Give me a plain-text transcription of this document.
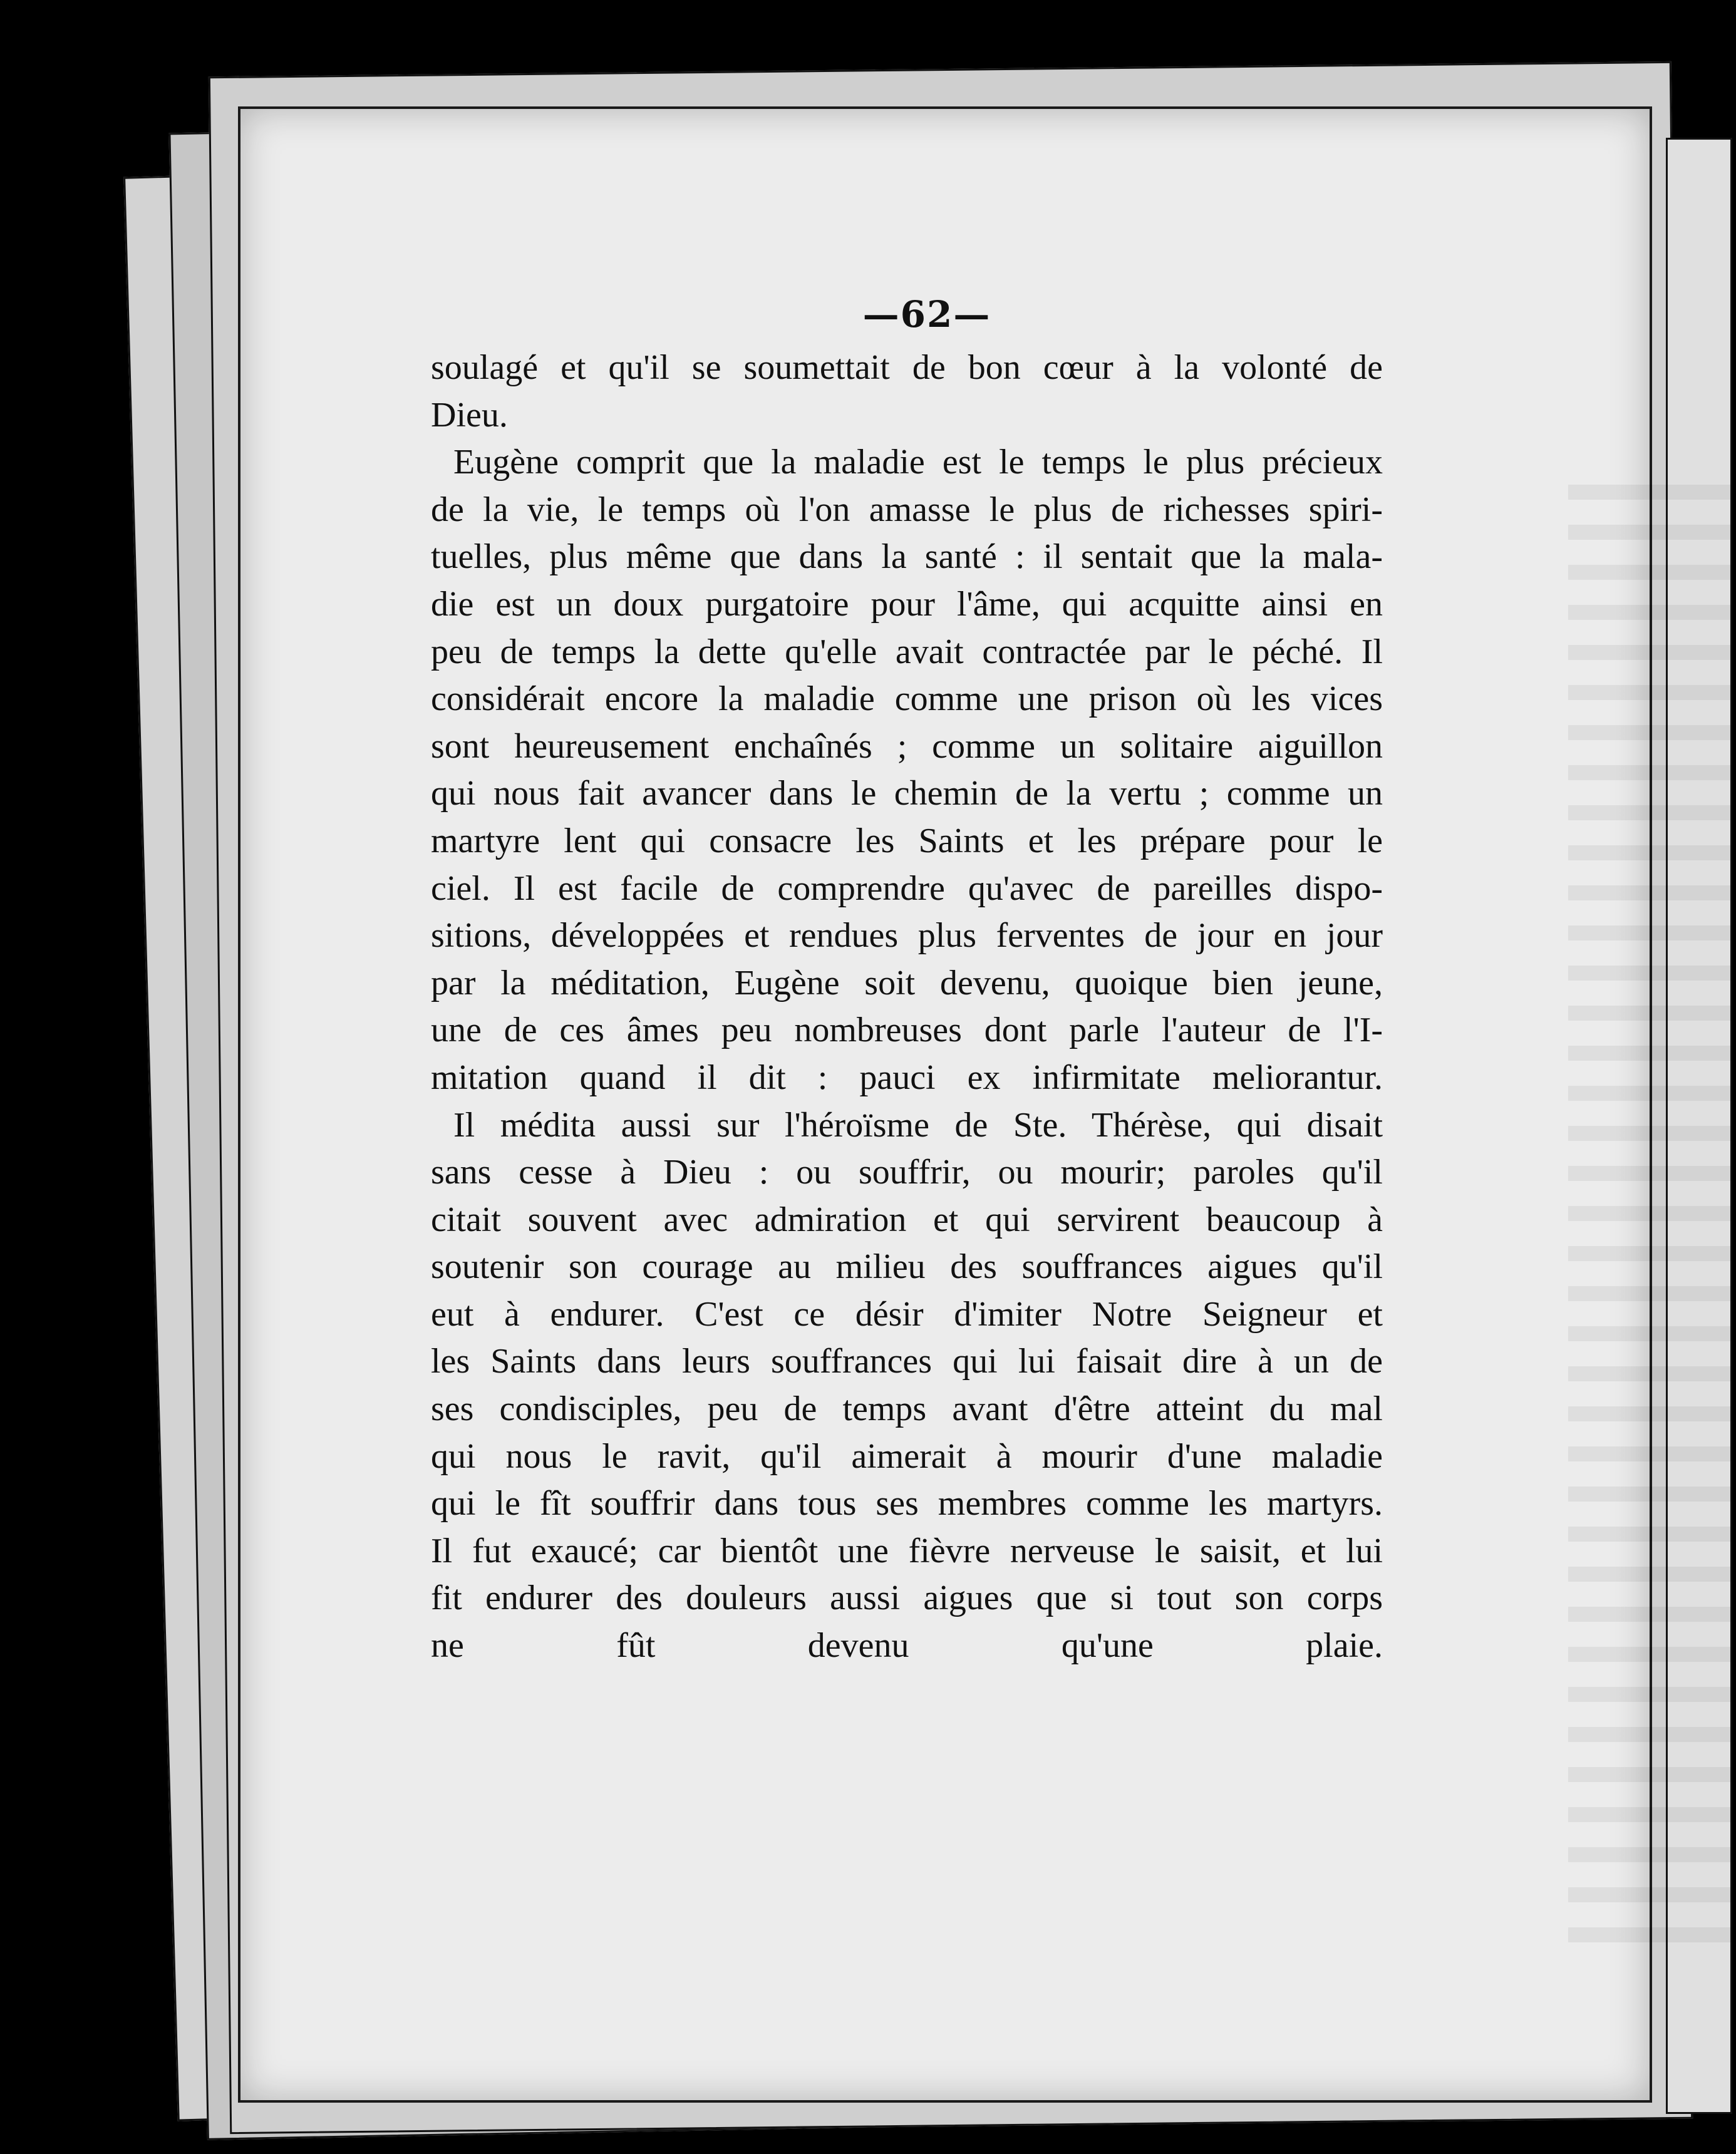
—62—

soulagé et qu'il se soumettait de bon cœur à la volonté de
Dieu.

Eugène comprit que la maladie est le temps le plus précieux
de la vie, le temps où l'on amasse le plus de richesses spiri-
tuelles, plus même que dans la santé : il sentait que la mala-
die est un doux purgatoire pour l'âme, qui acquitte ainsi en
peu de temps la dette qu'elle avait contractée par le péché. Il
considérait encore la maladie comme une prison où les vices
sont heureusement enchaînés ; comme un solitaire aiguillon
qui nous fait avancer dans le chemin de la vertu ; comme un
martyre lent qui consacre les Saints et les prépare pour le
ciel. Il est facile de comprendre qu'avec de pareilles dispo-
sitions, développées et rendues plus ferventes de jour en jour
par la méditation, Eugène soit devenu, quoique bien jeune,
une de ces âmes peu nombreuses dont parle l'auteur de l'I-
mitation quand il dit : pauci ex infirmitate meliorantur.

Il médita aussi sur l'héroïsme de Ste. Thérèse, qui disait
sans cesse à Dieu : ou souffrir, ou mourir; paroles qu'il
citait souvent avec admiration et qui servirent beaucoup à
soutenir son courage au milieu des souffrances aigues qu'il
eut à endurer. C'est ce désir d'imiter Notre Seigneur et
les Saints dans leurs souffrances qui lui faisait dire à un de
ses condisciples, peu de temps avant d'être atteint du mal
qui nous le ravit, qu'il aimerait à mourir d'une maladie
qui le fît souffrir dans tous ses membres comme les martyrs.
Il fut exaucé; car bientôt une fièvre nerveuse le saisit, et lui
fit endurer des douleurs aussi aigues que si tout son corps
ne fût devenu qu'une plaie.
